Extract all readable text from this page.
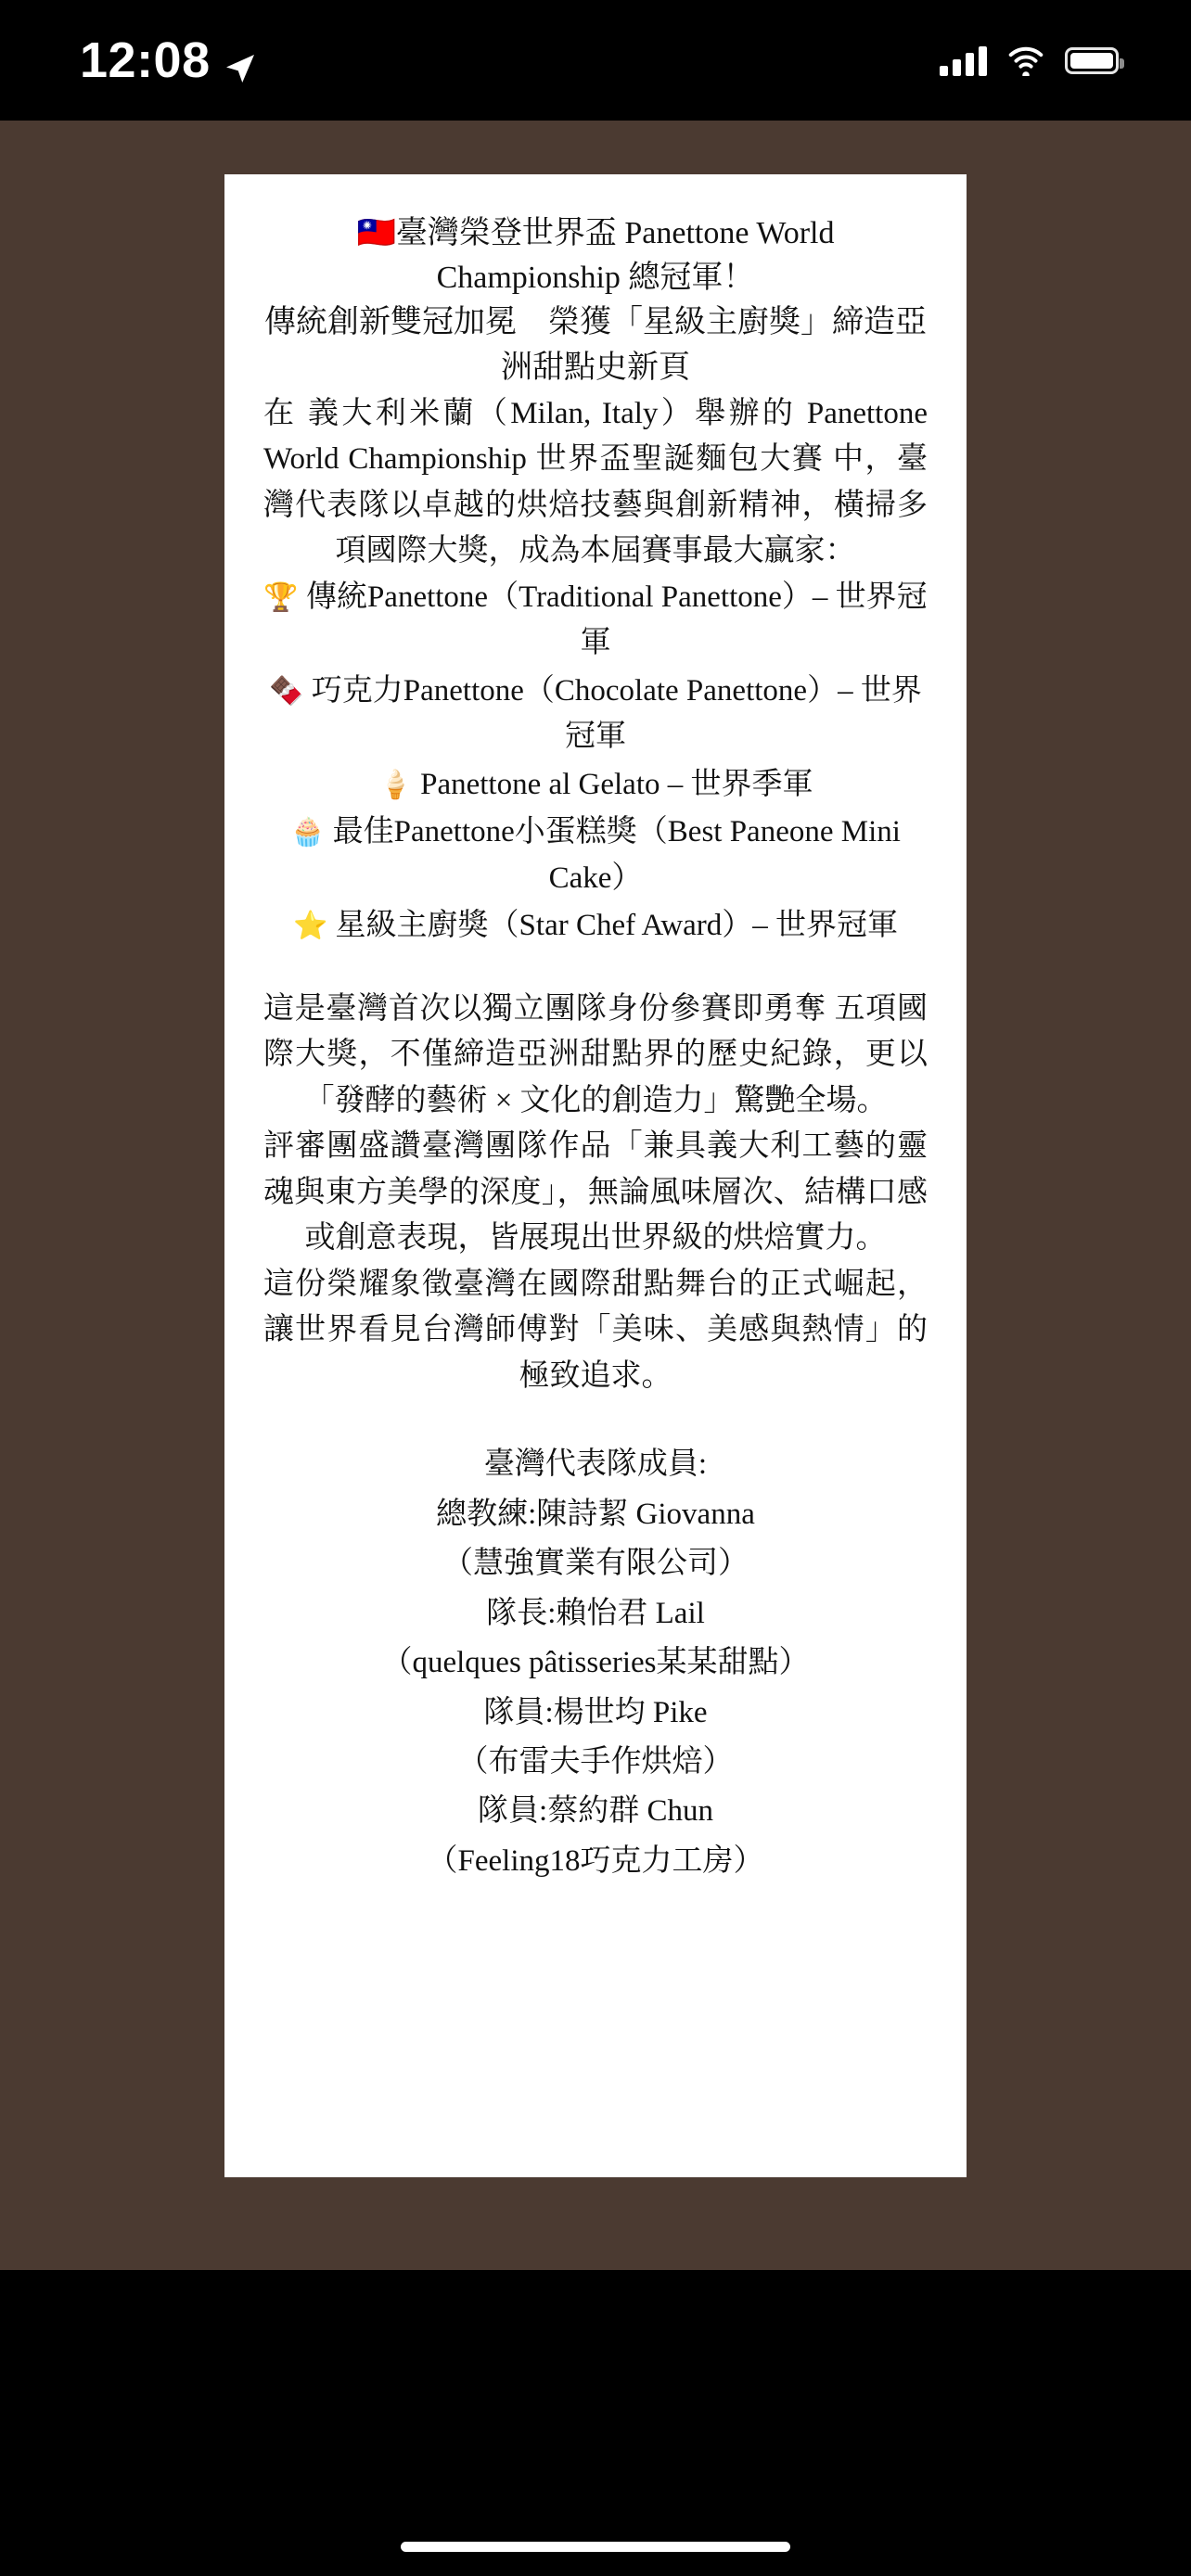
12:08

🇹🇼臺灣榮登世界盃 Panettone World Championship 總冠軍！

傳統創新雙冠加冕　榮獲「星級主廚獎」締造亞洲甜點史新頁

在 義大利米蘭（Milan, Italy）舉辦的 Panettone World Championship 世界盃聖誕麵包大賽 中，臺灣代表隊以卓越的烘焙技藝與創新精神，橫掃多項國際大獎，成為本屆賽事最大贏家：

🏆 傳統Panettone（Traditional Panettone）– 世界冠軍
🍫 巧克力Panettone（Chocolate Panettone）– 世界冠軍
🍦 Panettone al Gelato – 世界季軍
🧁 最佳Panettone小蛋糕獎（Best Paneone Mini Cake）
⭐ 星級主廚獎（Star Chef Award）– 世界冠軍

這是臺灣首次以獨立團隊身份參賽即勇奪 五項國際大獎，不僅締造亞洲甜點界的歷史紀錄，更以「發酵的藝術 × 文化的創造力」驚艷全場。

評審團盛讚臺灣團隊作品「兼具義大利工藝的靈魂與東方美學的深度」，無論風味層次、結構口感或創意表現，皆展現出世界級的烘焙實力。

這份榮耀象徵臺灣在國際甜點舞台的正式崛起，讓世界看見台灣師傅對「美味、美感與熱情」的極致追求。

臺灣代表隊成員:

總教練:陳詩絜 Giovanna

（慧強實業有限公司）

隊長:賴怡君 Lail

（quelques pâtisseries某某甜點）

隊員:楊世均 Pike

（布雷夫手作烘焙）

隊員:蔡約群 Chun

（Feeling18巧克力工房）
